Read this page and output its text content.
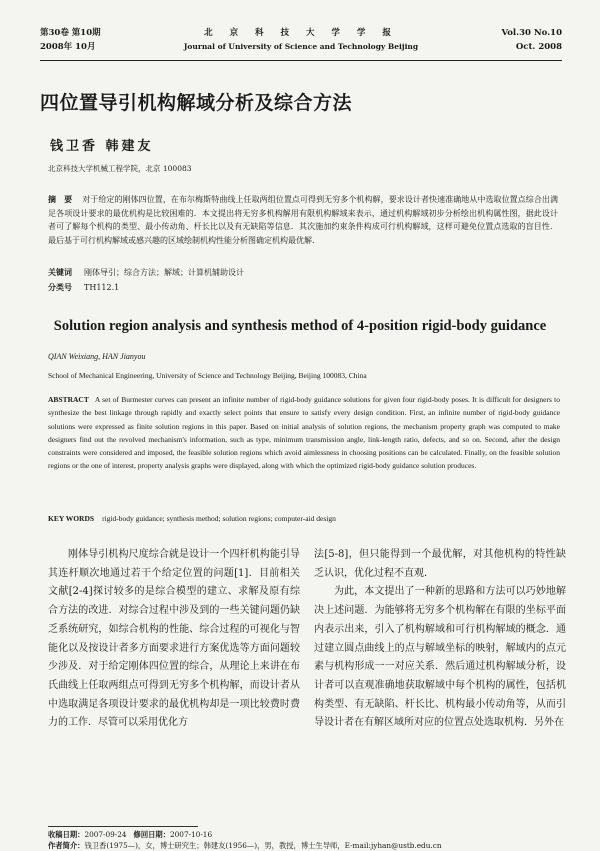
第30卷 第10期
2008年 10月
北 京 科 技 大 学 学 报
Journal of University of Science and Technology Beijing
Vol.30 No.10
Oct. 2008
四位置导引机构解域分析及综合方法
钱卫香 韩建友
北京科技大学机械工程学院，北京 100083
摘　要 对于给定的刚体四位置，在布尔梅斯特曲线上任取两组位置点可得到无穷多个机构解，要求设计者快速准确地从中选取位置点综合出满足各项设计要求的最优机构是比较困难的．本文提出将无穷多机构解用有限机构解域来表示，通过机构解域初步分析绘出机构属性图，据此设计者可了解每个机构的类型、最小传动角、杆长比以及有无缺陷等信息．其次施加约束条件构成可行机构解域，这样可避免位置点选取的盲目性．最后基于可行机构解域或感兴趣的区域绘制机构性能分析图确定机构最优解．
关键词 刚体导引；综合方法；解域；计算机辅助设计
分类号 TH112.1
Solution region analysis and synthesis method of 4-position rigid-body guidance
QIAN Weixiang, HAN Jianyou
School of Mechanical Engineering, University of Science and Technology Beijing, Beijing 100083, China
ABSTRACT A set of Burmester curves can present an infinite number of rigid-body guidance solutions for given four rigid-body poses. It is difficult for designers to synthesize the best linkage through rapidly and exactly select points that ensure to satisfy every design condition. First, an infinite number of rigid-body guidance solutions were expressed as finite solution regions in this paper. Based on initial analysis of solution regions, the mechanism property graph was computed to make designers find out the revolved mechanism's information, such as type, minimum transmission angle, link-length ratio, defects, and so on. Second, after the design constraints were considered and imposed, the feasible solution regions which avoid aimlessness in choosing positions can be calculated. Finally, on the feasible solution regions or the one of interest, property analysis graphs were displayed, along with which the optimized rigid-body guidance solution produces.
KEY WORDS rigid-body guidance; synthesis method; solution regions; computer-aid design

刚体导引机构尺度综合就是设计一个四杆机构能引导其连杆顺次地通过若干个给定位置的问题[1]．目前相关文献[2-4]探讨较多的是综合模型的建立、求解及原有综合方法的改进．对综合过程中涉及到的一些关键问题仍缺乏系统研究，如综合机构的性能、综合过程的可视化与智能化以及按设计者多方面要求进行方案优选等方面问题较少涉及．对于给定刚体四位置的综合，从理论上来讲在布氏曲线上任取两组点可得到无穷多个机构解，而设计者从中选取满足各项设计要求的最优机构却是一项比较费时费力的工作．尽管可以采用优化方

法[5-8]，但只能得到一个最优解，对其他机构的特性缺乏认识，优化过程不直观．

为此，本文提出了一种新的思路和方法可以巧妙地解决上述问题．为能够将无穷多个机构解在有限的坐标平面内表示出来，引入了机构解域和可行机构解域的概念．通过建立圆点曲线上的点与解域坐标的映射，解域内的点元素与机构形成一一对应关系．然后通过机构解域分析，设计者可以直观准确地获取解域中每个机构的属性，包括机构类型、有无缺陷、杆长比、机构最小传动角等，从而引导设计者在有解区域所对应的位置点处选取机构．另外在

收稿日期：2007-09-24 修回日期：2007-10-16
作者简介：钱卫香(1975—)，女，博士研究生；韩建友(1956—)，男，教授，博士生导师，E-mail:jyhan@ustb.edu.cn
